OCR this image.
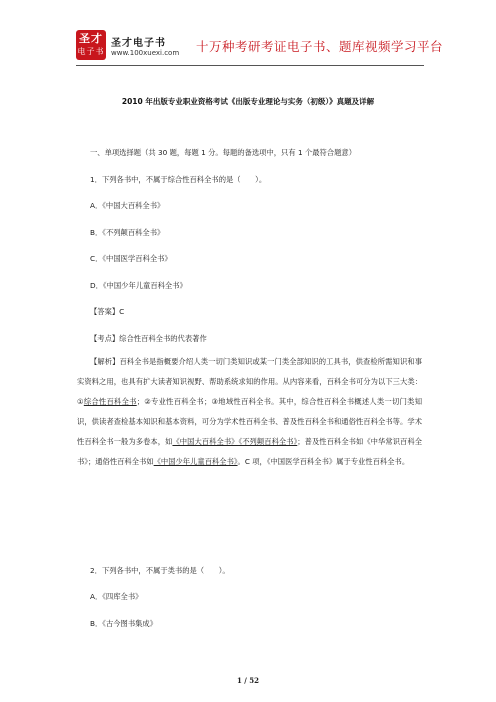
圣才
电子书
圣才电子书
www.100xuexi.com 十万种考研考证电子书、题库视频学习平台
2010 年出版专业职业资格考试《出版专业理论与实务（初级）》真题及详解
一、单项选择题（共 30 题，每题 1 分。每题的备选项中，只有 1 个最符合题意）
1．下列各书中，不属于综合性百科全书的是（　　）。
A．《中国大百科全书》
B．《不列颠百科全书》
C．《中国医学百科全书》
D．《中国少年儿童百科全书》
【答案】C
【考点】综合性百科全书的代表著作
【解析】百科全书是指概要介绍人类一切门类知识或某一门类全部知识的工具书，供查检所需知识和事实资料之用，也具有扩大读者知识视野、帮助系统求知的作用。从内容来看，百科全书可分为以下三大类：①综合性百科全书；②专业性百科全书；③地域性百科全书。其中，综合性百科全书概述人类一切门类知识，供读者查检基本知识和基本资料，可分为学术性百科全书、普及性百科全书和通俗性百科全书等。学术性百科全书一般为多卷本，如《中国大百科全书》《不列颠百科全书》；普及性百科全书如《中华常识百科全书》；通俗性百科全书如《中国少年儿童百科全书》。C 项，《中国医学百科全书》属于专业性百科全书。
2．下列各书中，不属于类书的是（　　）。
A．《四库全书》
B．《古今图书集成》
1 / 52
